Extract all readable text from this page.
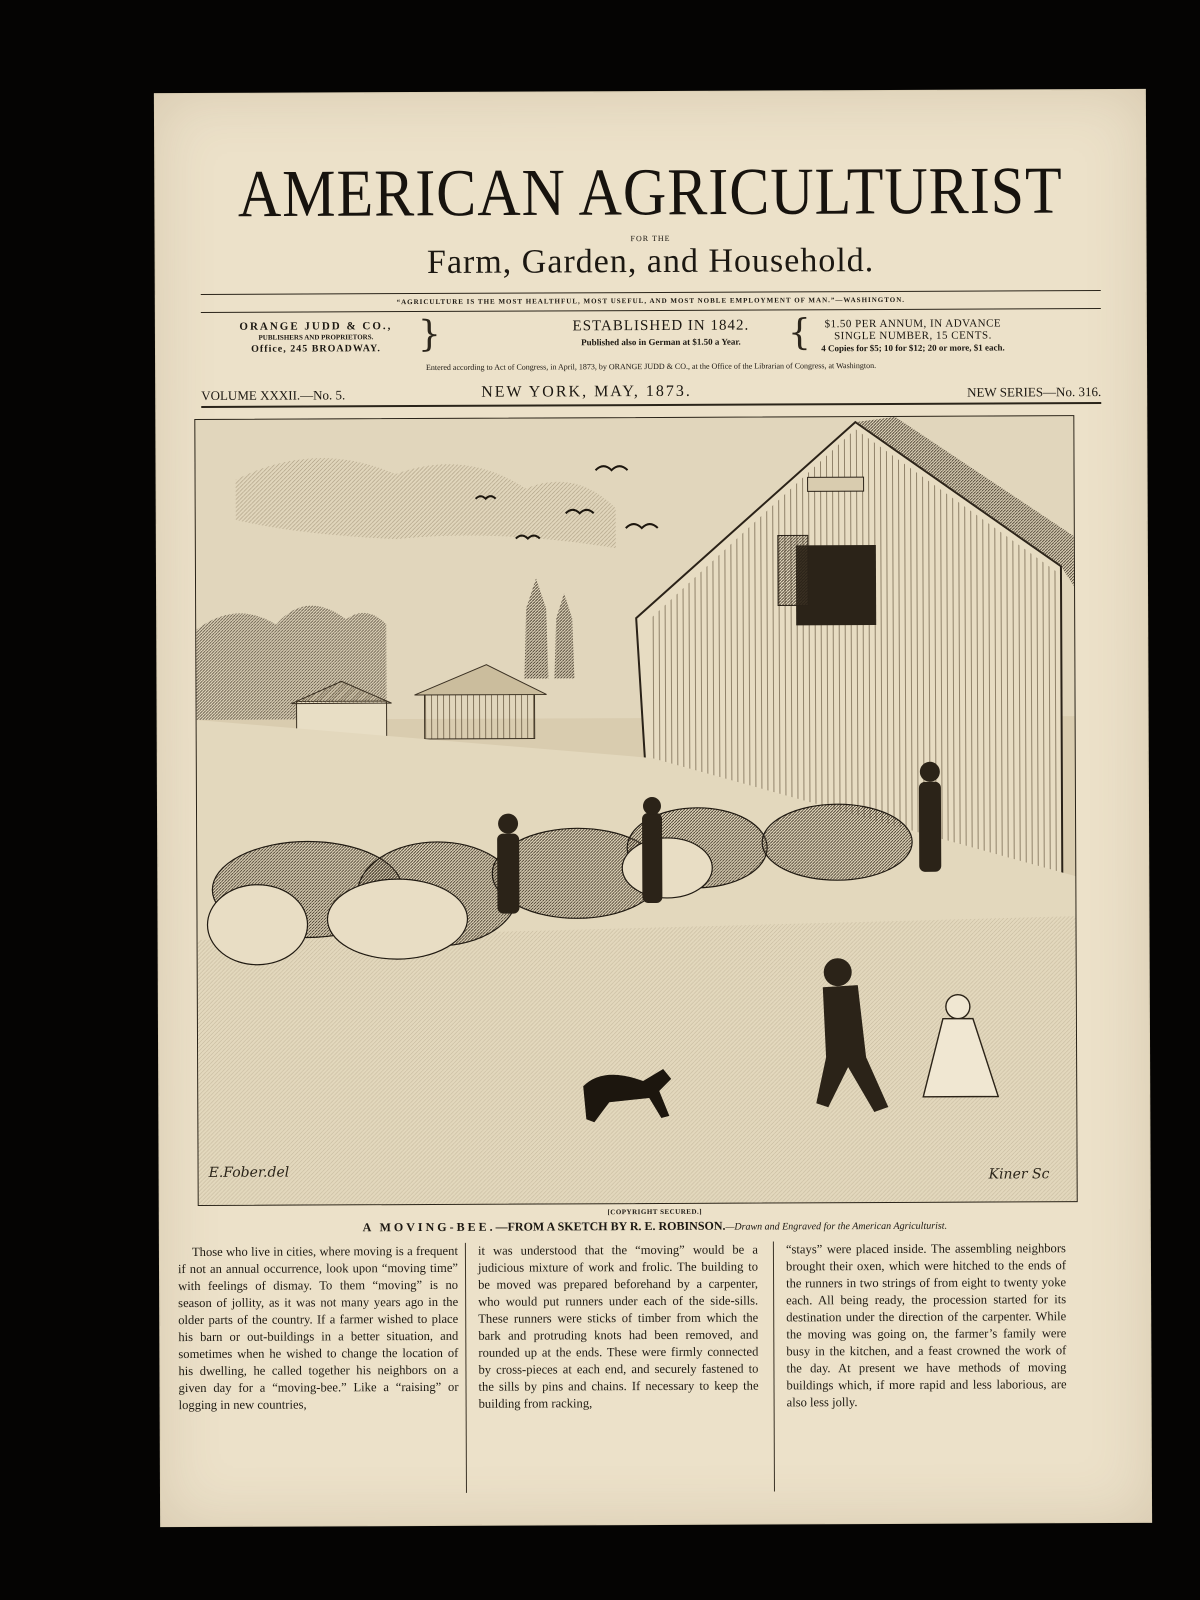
AMERICAN AGRICULTURIST
FOR THE
Farm, Garden, and Household.
“AGRICULTURE IS THE MOST HEALTHFUL, MOST USEFUL, AND MOST NOBLE EMPLOYMENT OF MAN.”—WASHINGTON.
ORANGE JUDD & CO.,
PUBLISHERS AND PROPRIETORS.
Office, 245 BROADWAY.	}	ESTABLISHED IN 1842.
Published also in German at $1.50 a Year.	{	$1.50 PER ANNUM, IN ADVANCE
SINGLE NUMBER, 15 CENTS.
4 Copies for $5; 10 for $12; 20 or more, $1 each.
Entered according to Act of Congress, in April, 1873, by ORANGE JUDD & CO., at the Office of the Librarian of Congress, at Washington.
VOLUME XXXII.—No. 5.	NEW YORK, MAY, 1873.	NEW SERIES—No. 316.
E.Fober.del	Kiner Sc
[COPYRIGHT SECURED.]
A MOVING-BEE.—FROM A SKETCH BY R. E. ROBINSON.—Drawn and Engraved for the American Agriculturist.
Those who live in cities, where moving is a frequent if not an annual occurrence, look upon “moving time” with feelings of dismay. To them “moving” is no season of jollity, as it was not many years ago in the older parts of the country. If a farmer wished to place his barn or out-buildings in a better situation, and sometimes when he wished to change the location of his dwelling, he called together his neighbors on a given day for a “moving-bee.” Like a “raising” or logging in new countries,
it was understood that the “moving” would be a judicious mixture of work and frolic. The building to be moved was prepared beforehand by a carpenter, who would put runners under each of the side-sills. These runners were sticks of timber from which the bark and protruding knots had been removed, and rounded up at the ends. These were firmly connected by cross-pieces at each end, and securely fastened to the sills by pins and chains. If necessary to keep the building from racking,
“stays” were placed inside. The assembling neighbors brought their oxen, which were hitched to the ends of the runners in two strings of from eight to twenty yoke each. All being ready, the procession started for its destination under the direction of the carpenter. While the moving was going on, the farmer’s family were busy in the kitchen, and a feast crowned the work of the day. At present we have methods of moving buildings which, if more rapid and less laborious, are also less jolly.
